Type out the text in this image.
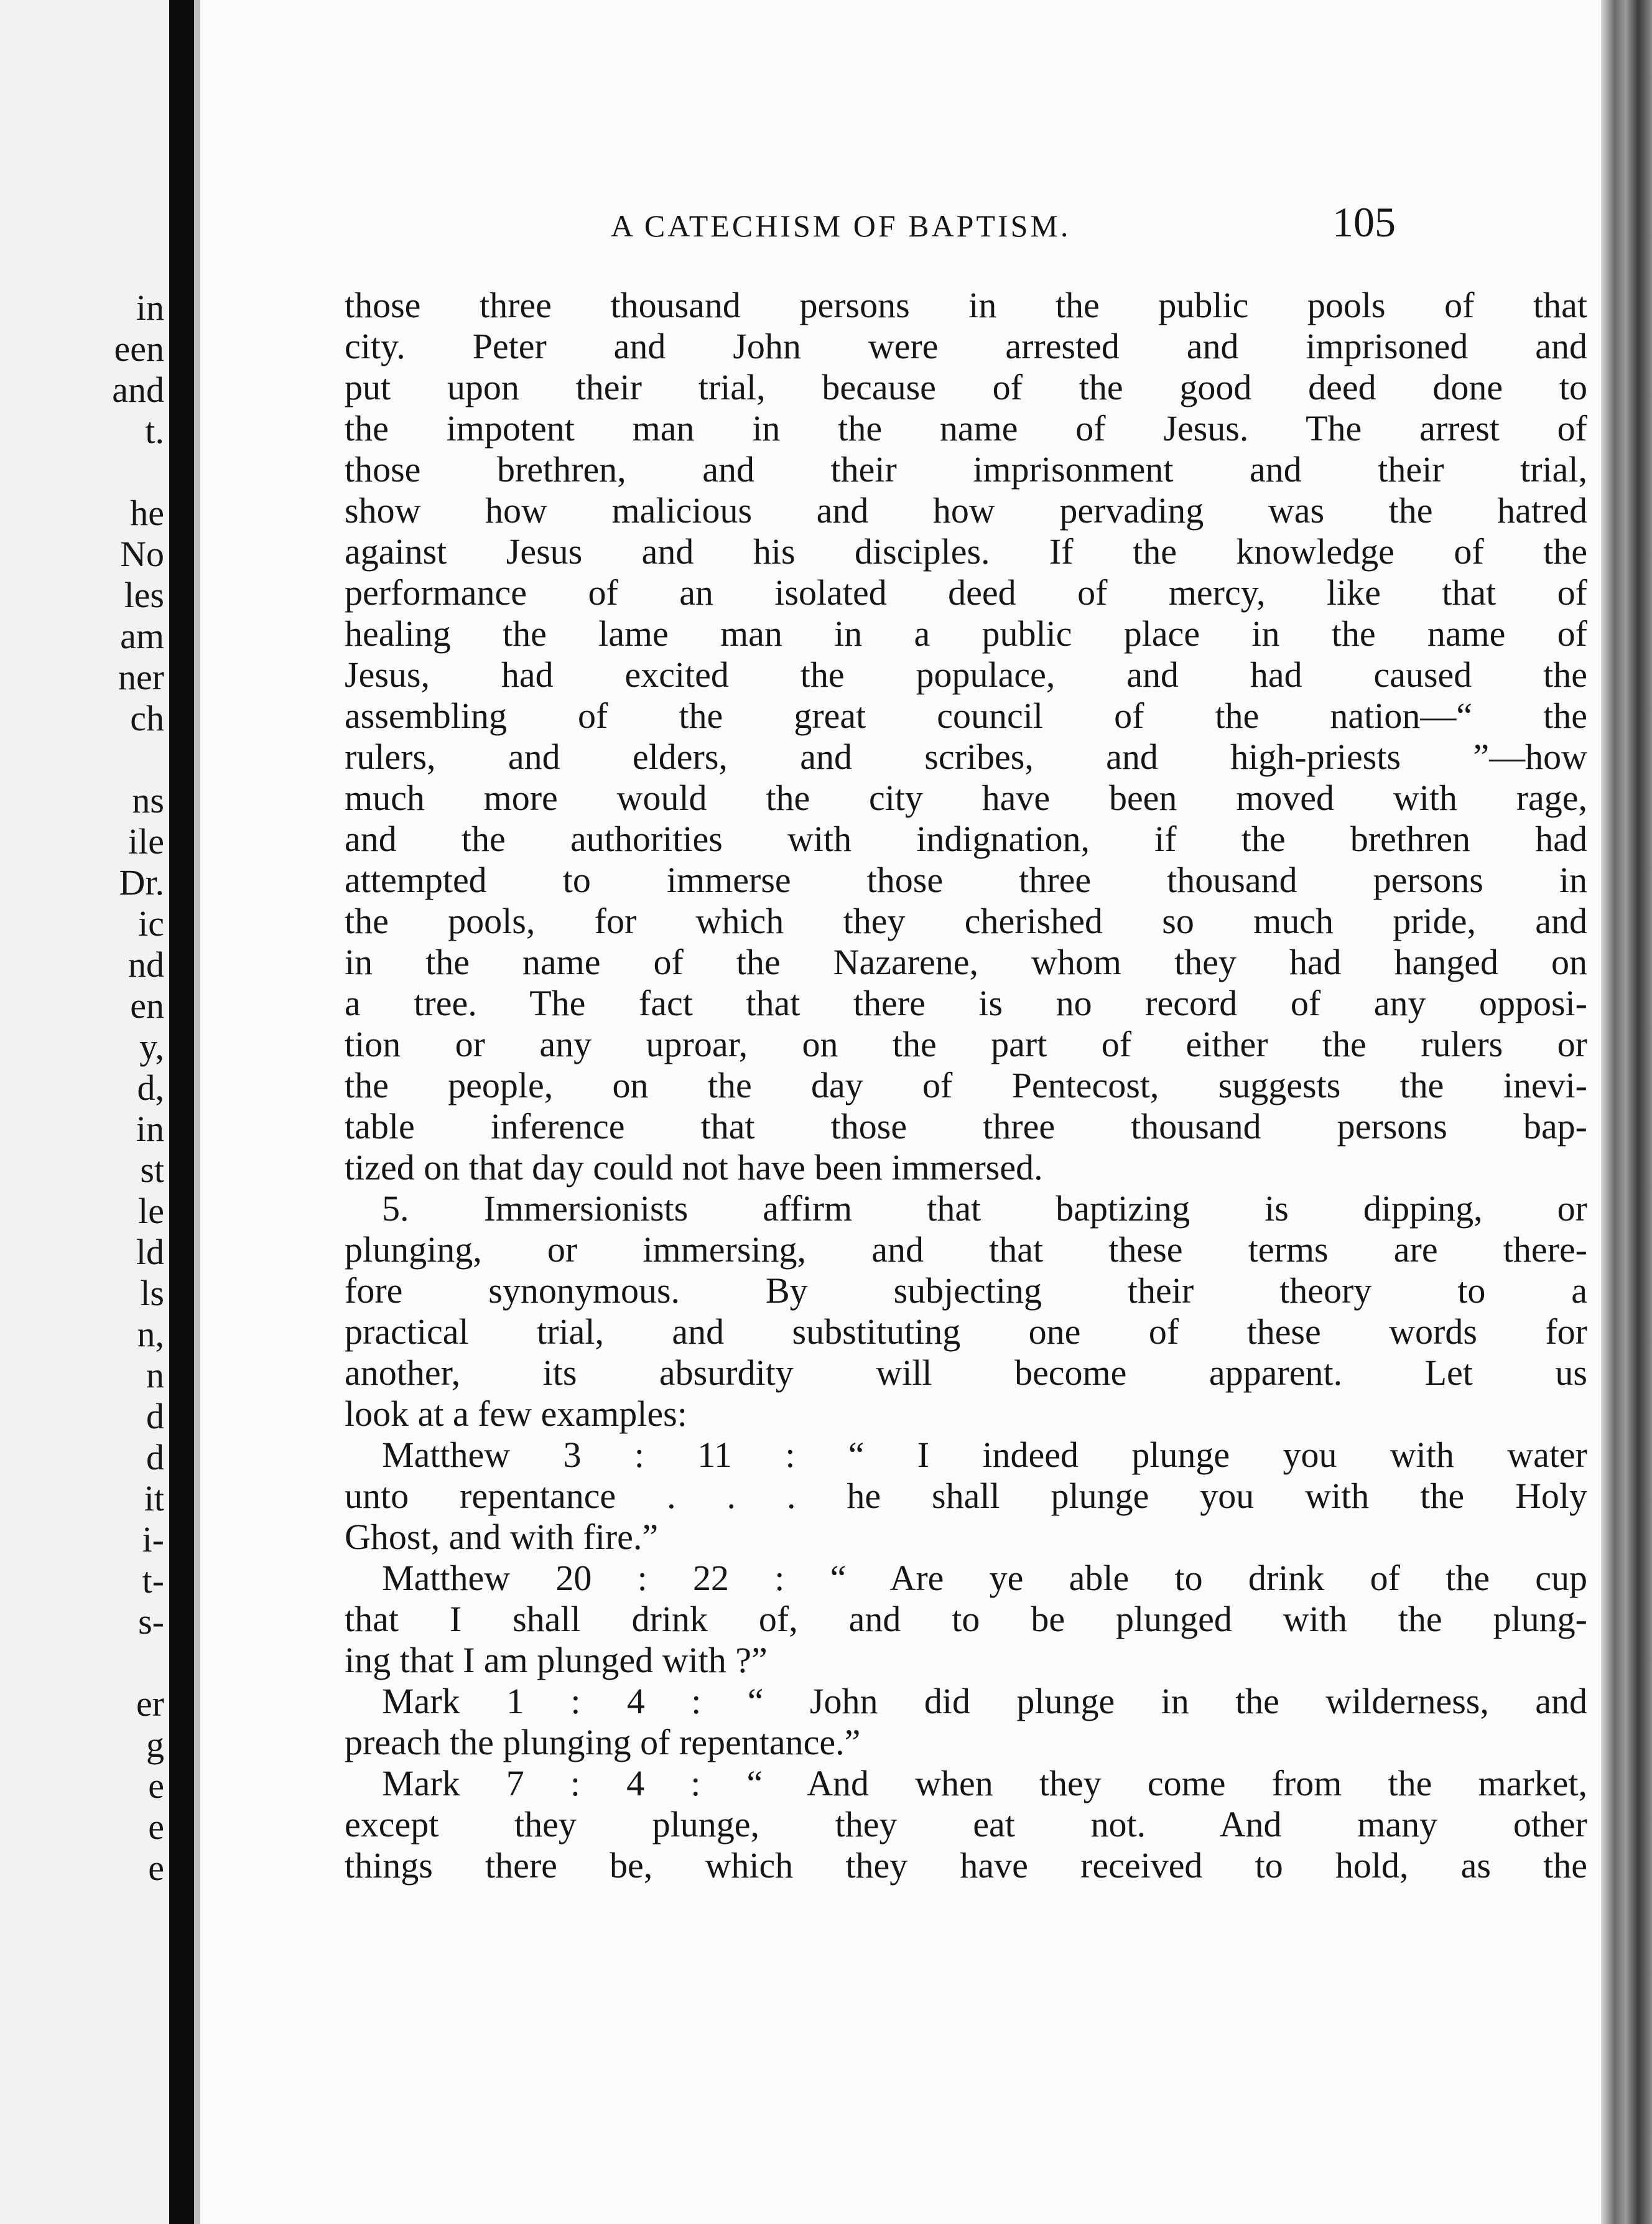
in
een
and
t.
he
No
les
am
ner
ch
ns
ile
Dr.
ic
nd
en
y,
d,
in
st
le
ld
ls
n,
n
d
d
it
i-
t-
s-
er
g
e
e
e
A CATECHISM OF BAPTISM.	105
those three thousand persons in the public pools of that
city. Peter and John were arrested and imprisoned and
put upon their trial, because of the good deed done to
the impotent man in the name of Jesus. The arrest of
those brethren, and their imprisonment and their trial,
show how malicious and how pervading was the hatred
against Jesus and his disciples. If the knowledge of the
performance of an isolated deed of mercy, like that of
healing the lame man in a public place in the name of
Jesus, had excited the populace, and had caused the
assembling of the great council of the nation—“ the
rulers, and elders, and scribes, and high-priests ”—how
much more would the city have been moved with rage,
and the authorities with indignation, if the brethren had
attempted to immerse those three thousand persons in
the pools, for which they cherished so much pride, and
in the name of the Nazarene, whom they had hanged on
a tree. The fact that there is no record of any opposi-
tion or any uproar, on the part of either the rulers or
the people, on the day of Pentecost, suggests the inevi-
table inference that those three thousand persons bap-
tized on that day could not have been immersed.
5. Immersionists affirm that baptizing is dipping, or
plunging, or immersing, and that these terms are there-
fore synonymous. By subjecting their theory to a
practical trial, and substituting one of these words for
another, its absurdity will become apparent. Let us
look at a few examples:
Matthew 3 : 11 : “ I indeed plunge you with water
unto repentance . . . he shall plunge you with the Holy
Ghost, and with fire.”
Matthew 20 : 22 : “ Are ye able to drink of the cup
that I shall drink of, and to be plunged with the plung-
ing that I am plunged with ?”
Mark 1 : 4 : “ John did plunge in the wilderness, and
preach the plunging of repentance.”
Mark 7 : 4 : “ And when they come from the market,
except they plunge, they eat not. And many other
things there be, which they have received to hold, as the
